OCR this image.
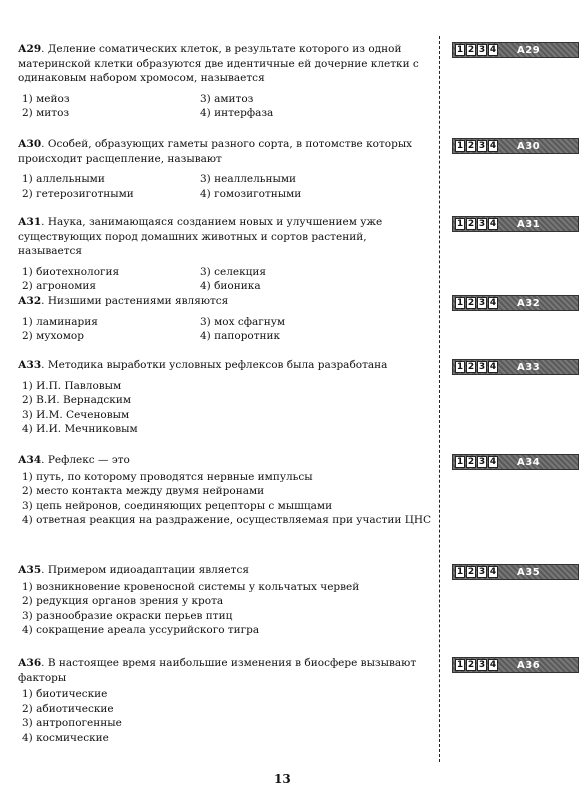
А29. Деление соматических клеток, в результате которого из одной материнской клетки образуются две идентичные ей дочерние клетки с одинаковым набором хромосом, называется

1) мейоз	3) амитоз
2) митоз	4) интерфаза

А30. Особей, образующих гаметы разного сорта, в потомстве которых происходит расщепление, называют

1) аллельными	3) неаллельными
2) гетерозиготными	4) гомозиготными

А31. Наука, занимающаяся созданием новых и улучшением уже существующих пород домашних животных и сортов растений, называется

1) биотехнология	3) селекция
2) агрономия	4) бионика

А32. Низшими растениями являются

1) ламинария	3) мох сфагнум
2) мухомор	4) папоротник

А33. Методика выработки условных рефлексов была разработана

1) И.П. Павловым
2) В.И. Вернадским
3) И.М. Сеченовым
4) И.И. Мечниковым

А34. Рефлекс — это

1) путь, по которому проводятся нервные импульсы
2) место контакта между двумя нейронами
3) цепь нейронов, соединяющих рецепторы с мышцами
4) ответная реакция на раздражение, осуществляемая при участии ЦНС

А35. Примером идиоадаптации является

1) возникновение кровеносной системы у кольчатых червей
2) редукция органов зрения у крота
3) разнообразие окраски перьев птиц
4) сокращение ареала уссурийского тигра

А36. В настоящее время наибольшие изменения в биосфере вызывают факторы

1) биотические
2) абиотические
3) антропогенные
4) космические
1 2 3 4 А29
1 2 3 4 А30
1 2 3 4 А31
1 2 3 4 А32
1 2 3 4 А33
1 2 3 4 А34
1 2 3 4 А35
1 2 3 4 А36
13
